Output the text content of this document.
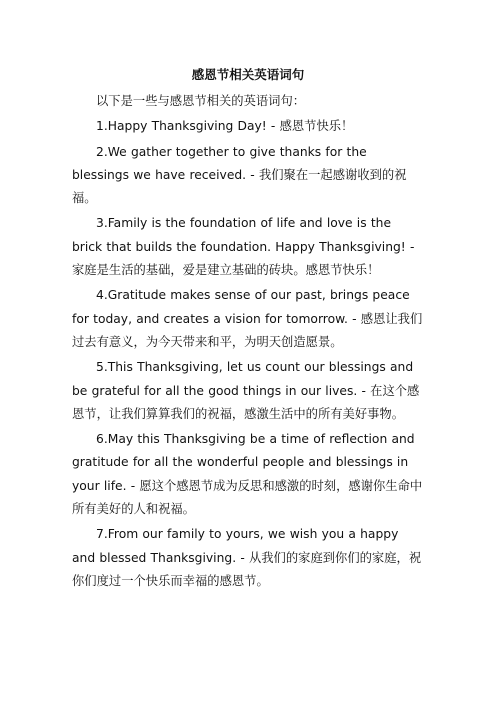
感恩节相关英语词句

以下是一些与感恩节相关的英语词句：

1.Happy Thanksgiving Day! - 感恩节快乐！

2.We gather together to give thanks for the blessings we have received. - 我们聚在一起感谢收到的祝福。

3.Family is the foundation of life and love is the brick that builds the foundation. Happy Thanksgiving! - 家庭是生活的基础，爱是建立基础的砖块。感恩节快乐！

4.Gratitude makes sense of our past, brings peace for today, and creates a vision for tomorrow. - 感恩让我们过去有意义，为今天带来和平，为明天创造愿景。

5.This Thanksgiving, let us count our blessings and be grateful for all the good things in our lives. - 在这个感恩节，让我们算算我们的祝福，感激生活中的所有美好事物。

6.May this Thanksgiving be a time of reflection and gratitude for all the wonderful people and blessings in your life. - 愿这个感恩节成为反思和感激的时刻，感谢你生命中所有美好的人和祝福。

7.From our family to yours, we wish you a happy and blessed Thanksgiving. - 从我们的家庭到你们的家庭，祝你们度过一个快乐而幸福的感恩节。
